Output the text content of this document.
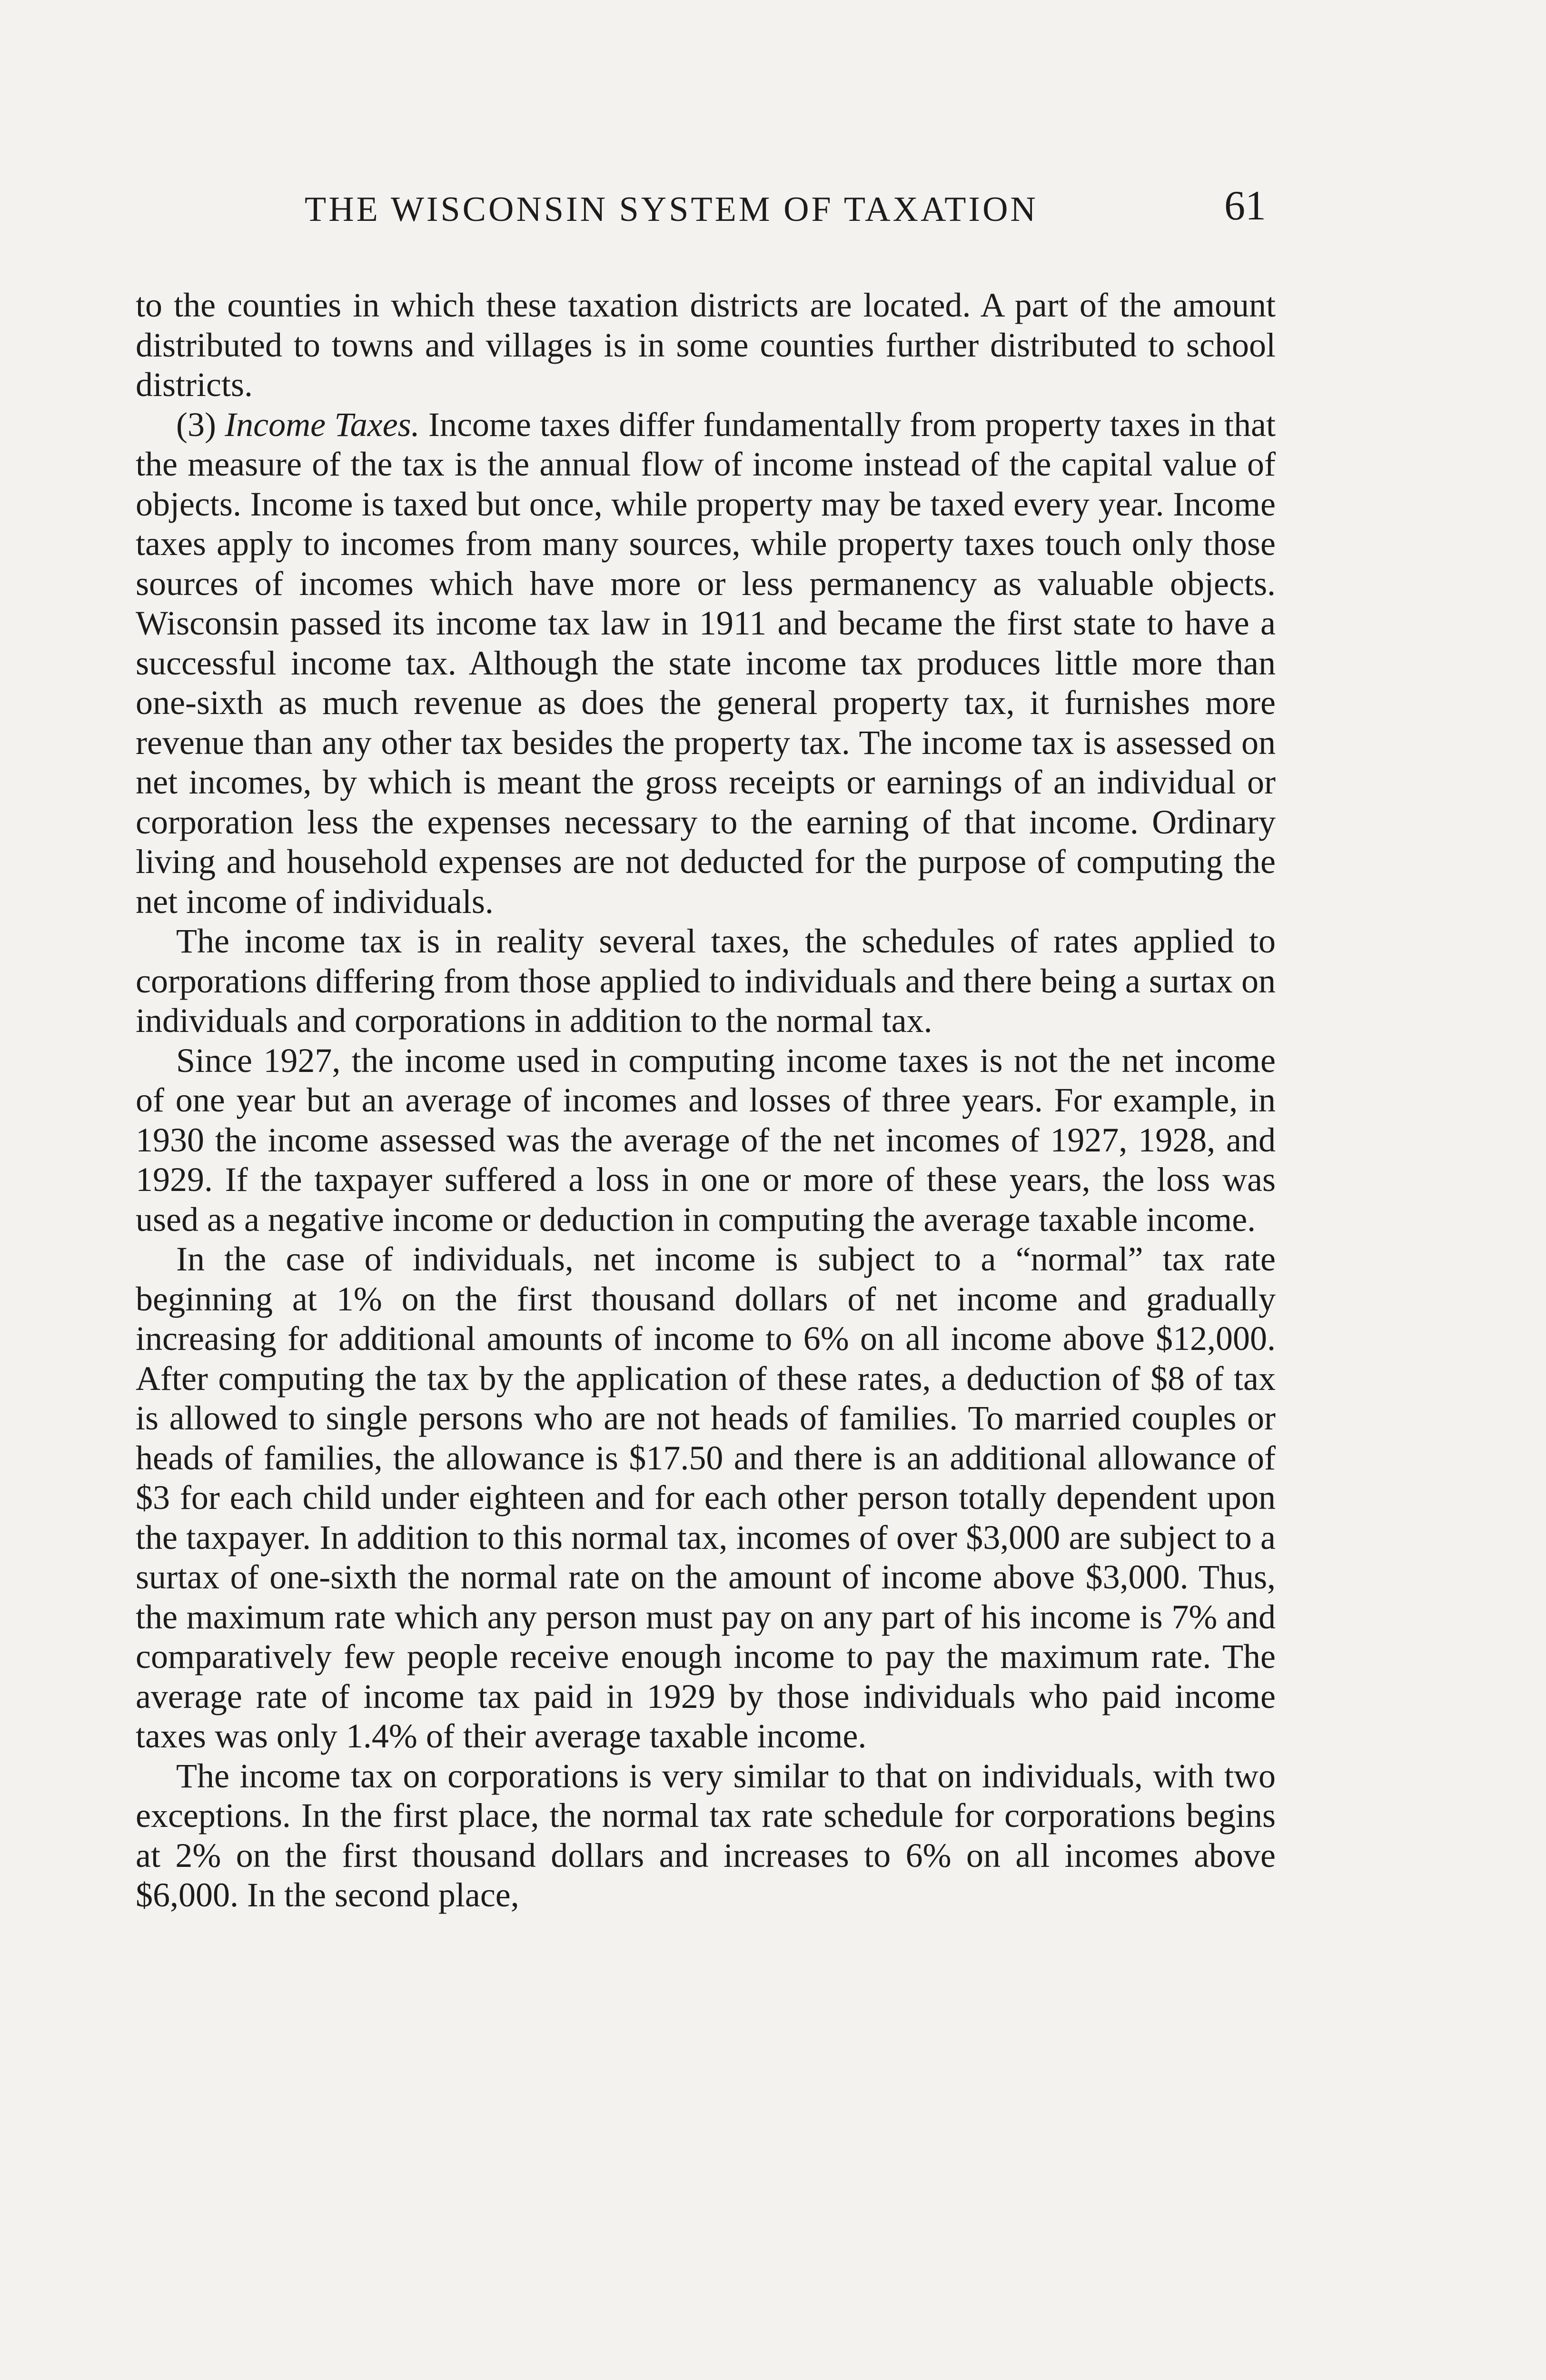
THE WISCONSIN SYSTEM OF TAXATION	61

to the counties in which these taxation districts are located. A part of the amount distributed to towns and villages is in some counties further distributed to school districts.

(3) Income Taxes. Income taxes differ fundamentally from property taxes in that the measure of the tax is the annual flow of income instead of the capital value of objects. Income is taxed but once, while property may be taxed every year. Income taxes apply to incomes from many sources, while property taxes touch only those sources of incomes which have more or less permanency as valuable objects. Wisconsin passed its income tax law in 1911 and became the first state to have a successful income tax. Although the state income tax produces little more than one-sixth as much revenue as does the general property tax, it furnishes more revenue than any other tax besides the property tax. The income tax is assessed on net incomes, by which is meant the gross receipts or earnings of an individual or corporation less the expenses necessary to the earning of that income. Ordinary living and household expenses are not deducted for the purpose of computing the net income of individuals.

The income tax is in reality several taxes, the schedules of rates applied to corporations differing from those applied to individuals and there being a surtax on individuals and corporations in addition to the normal tax.

Since 1927, the income used in computing income taxes is not the net income of one year but an average of incomes and losses of three years. For example, in 1930 the income assessed was the average of the net incomes of 1927, 1928, and 1929. If the taxpayer suffered a loss in one or more of these years, the loss was used as a negative income or deduction in computing the average taxable income.

In the case of individuals, net income is subject to a “normal” tax rate beginning at 1% on the first thousand dollars of net income and gradually increasing for additional amounts of income to 6% on all income above $12,000. After computing the tax by the application of these rates, a deduction of $8 of tax is allowed to single persons who are not heads of families. To married couples or heads of families, the allowance is $17.50 and there is an additional allowance of $3 for each child under eighteen and for each other person totally dependent upon the taxpayer. In addition to this normal tax, incomes of over $3,000 are subject to a surtax of one-sixth the normal rate on the amount of income above $3,000. Thus, the maximum rate which any person must pay on any part of his income is 7% and comparatively few people receive enough income to pay the maximum rate. The average rate of income tax paid in 1929 by those individuals who paid income taxes was only 1.4% of their average taxable income.

The income tax on corporations is very similar to that on individuals, with two exceptions. In the first place, the normal tax rate schedule for corporations begins at 2% on the first thousand dollars and increases to 6% on all incomes above $6,000. In the second place,
